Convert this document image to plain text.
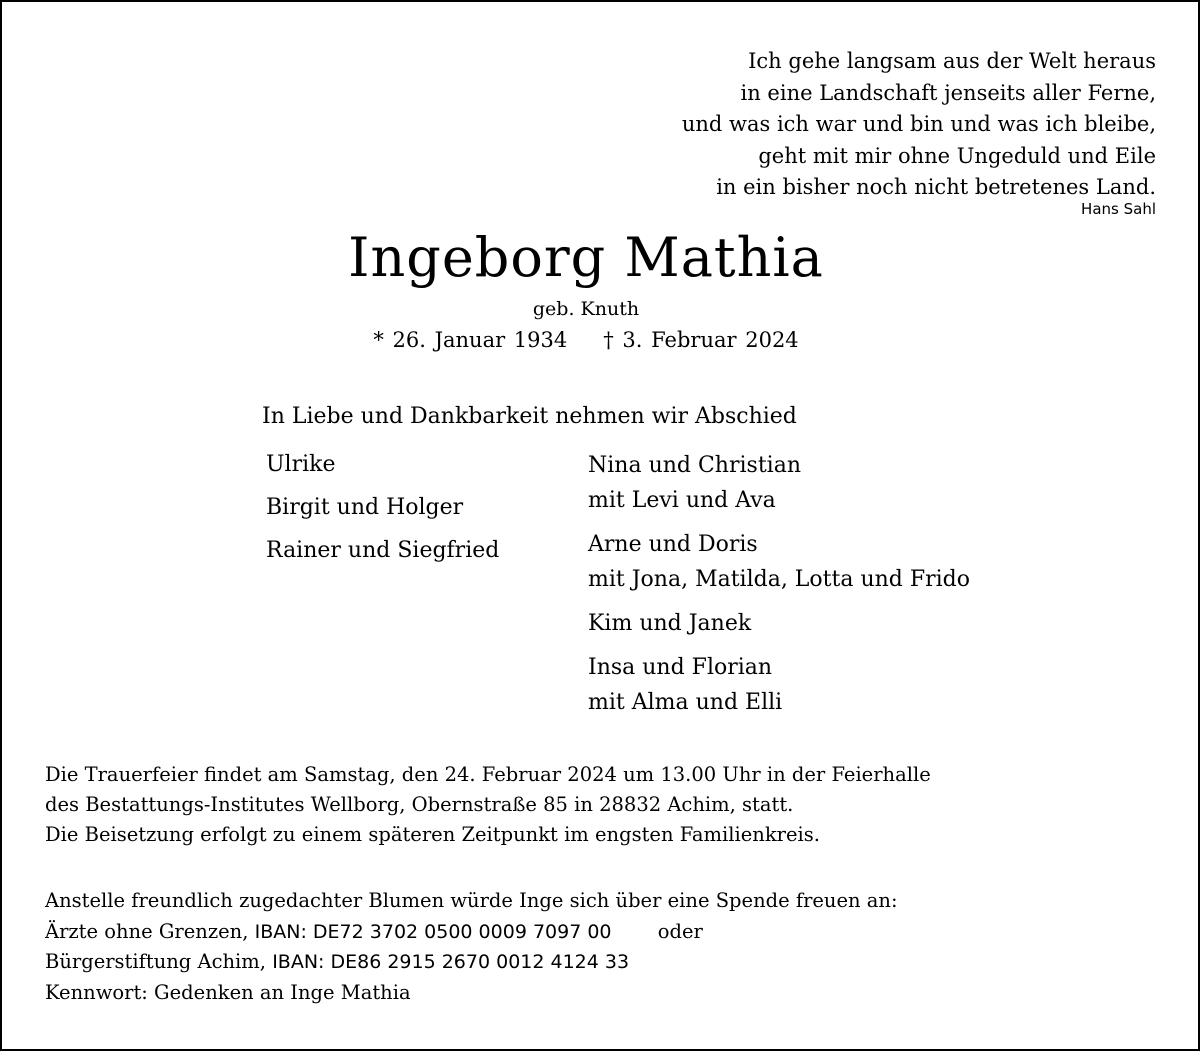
Ich gehe langsam aus der Welt heraus
in eine Landschaft jenseits aller Ferne,
und was ich war und bin und was ich bleibe,
geht mit mir ohne Ungeduld und Eile
in ein bisher noch nicht betretenes Land.
Hans Sahl
Ingeborg Mathia
geb. Knuth
* 26. Januar 1934 † 3. Februar 2024
In Liebe und Dankbarkeit nehmen wir Abschied
Ulrike
Birgit und Holger
Rainer und Siegfried
Nina und Christian
mit Levi und Ava
Arne und Doris
mit Jona, Matilda, Lotta und Frido
Kim und Janek
Insa und Florian
mit Alma und Elli
Die Trauerfeier findet am Samstag, den 24. Februar 2024 um 13.00 Uhr in der Feierhalle
des Bestattungs-Institutes Wellborg, Obernstraße 85 in 28832 Achim, statt.
Die Beisetzung erfolgt zu einem späteren Zeitpunkt im engsten Familienkreis.
Anstelle freundlich zugedachter Blumen würde Inge sich über eine Spende freuen an:
Ärzte ohne Grenzen, IBAN: DE72 3702 0500 0009 7097 00 oder
Bürgerstiftung Achim, IBAN: DE86 2915 2670 0012 4124 33
Kennwort: Gedenken an Inge Mathia
